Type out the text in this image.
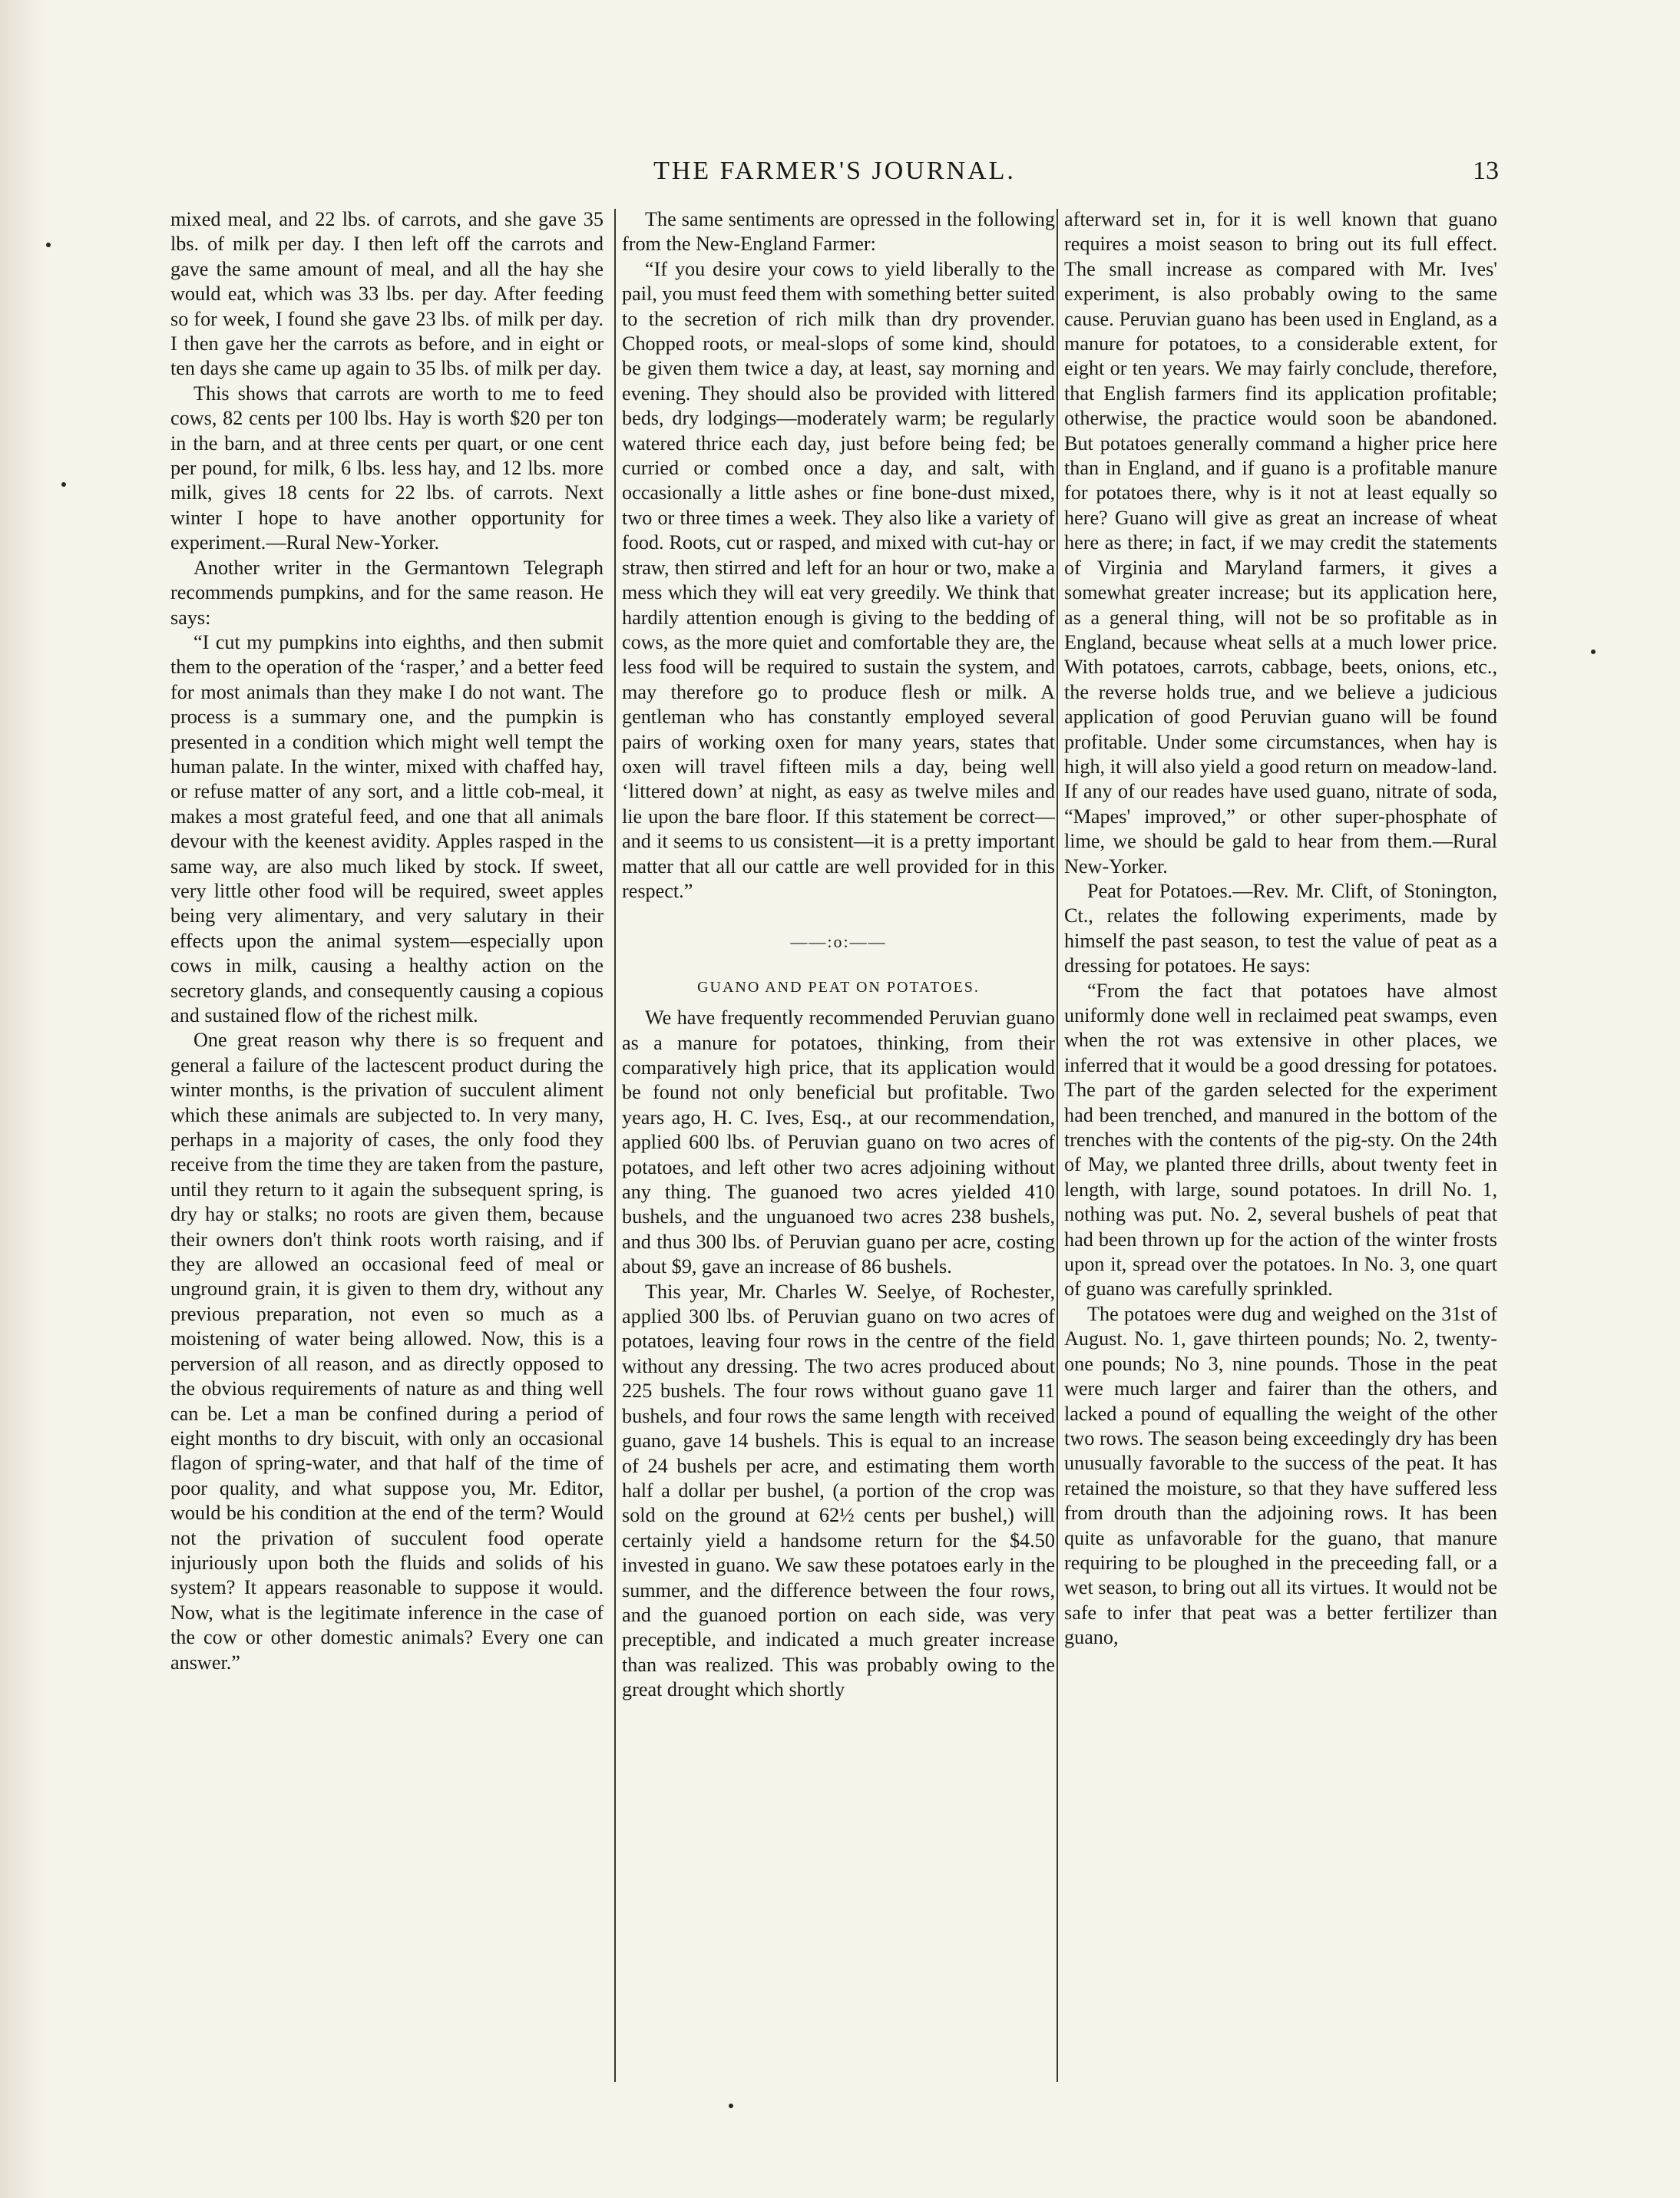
THE FARMER'S JOURNAL.	13

mixed meal, and 22 lbs. of carrots, and she gave 35 lbs. of milk per day. I then left off the carrots and gave the same amount of meal, and all the hay she would eat, which was 33 lbs. per day. After feeding so for week, I found she gave 23 lbs. of milk per day. I then gave her the carrots as before, and in eight or ten days she came up again to 35 lbs. of milk per day.

This shows that carrots are worth to me to feed cows, 82 cents per 100 lbs. Hay is worth $20 per ton in the barn, and at three cents per quart, or one cent per pound, for milk, 6 lbs. less hay, and 12 lbs. more milk, gives 18 cents for 22 lbs. of carrots. Next winter I hope to have another opportunity for experiment.—Rural New-Yorker.

Another writer in the Germantown Telegraph recommends pumpkins, and for the same reason. He says:

“I cut my pumpkins into eighths, and then submit them to the operation of the ‘rasper,’ and a better feed for most animals than they make I do not want. The process is a summary one, and the pumpkin is presented in a condition which might well tempt the human palate. In the winter, mixed with chaffed hay, or refuse matter of any sort, and a little cob-meal, it makes a most grateful feed, and one that all animals devour with the keenest avidity. Apples rasped in the same way, are also much liked by stock. If sweet, very little other food will be required, sweet apples being very alimentary, and very salutary in their effects upon the animal system—especially upon cows in milk, causing a healthy action on the secretory glands, and consequently causing a copious and sustained flow of the richest milk.

One great reason why there is so frequent and general a failure of the lactescent product during the winter months, is the privation of succulent aliment which these animals are subjected to. In very many, perhaps in a majority of cases, the only food they receive from the time they are taken from the pasture, until they return to it again the subsequent spring, is dry hay or stalks; no roots are given them, because their owners don't think roots worth raising, and if they are allowed an occasional feed of meal or unground grain, it is given to them dry, without any previous preparation, not even so much as a moistening of water being allowed. Now, this is a perversion of all reason, and as directly opposed to the obvious requirements of nature as and thing well can be. Let a man be confined during a period of eight months to dry biscuit, with only an occasional flagon of spring-water, and that half of the time of poor quality, and what suppose you, Mr. Editor, would be his condition at the end of the term? Would not the privation of succulent food operate injuriously upon both the fluids and solids of his system? It appears reasonable to suppose it would. Now, what is the legitimate inference in the case of the cow or other domestic animals? Every one can answer.”

The same sentiments are opressed in the following from the New-England Farmer:

“If you desire your cows to yield liberally to the pail, you must feed them with something better suited to the secretion of rich milk than dry provender. Chopped roots, or meal-slops of some kind, should be given them twice a day, at least, say morning and evening. They should also be provided with littered beds, dry lodgings—moderately warm; be regularly watered thrice each day, just before being fed; be curried or combed once a day, and salt, with occasionally a little ashes or fine bone-dust mixed, two or three times a week. They also like a variety of food. Roots, cut or rasped, and mixed with cut-hay or straw, then stirred and left for an hour or two, make a mess which they will eat very greedily. We think that hardily attention enough is giving to the bedding of cows, as the more quiet and comfortable they are, the less food will be required to sustain the system, and may therefore go to produce flesh or milk. A gentleman who has constantly employed several pairs of working oxen for many years, states that oxen will travel fifteen mils a day, being well ‘littered down’ at night, as easy as twelve miles and lie upon the bare floor. If this statement be correct—and it seems to us consistent—it is a pretty important matter that all our cattle are well provided for in this respect.”

——:o:——
GUANO AND PEAT ON POTATOES.

We have frequently recommended Peruvian guano as a manure for potatoes, thinking, from their comparatively high price, that its application would be found not only beneficial but profitable. Two years ago, H. C. Ives, Esq., at our recommendation, applied 600 lbs. of Peruvian guano on two acres of potatoes, and left other two acres adjoining without any thing. The guanoed two acres yielded 410 bushels, and the unguanoed two acres 238 bushels, and thus 300 lbs. of Peruvian guano per acre, costing about $9, gave an increase of 86 bushels.

This year, Mr. Charles W. Seelye, of Rochester, applied 300 lbs. of Peruvian guano on two acres of potatoes, leaving four rows in the centre of the field without any dressing. The two acres produced about 225 bushels. The four rows without guano gave 11 bushels, and four rows the same length with received guano, gave 14 bushels. This is equal to an increase of 24 bushels per acre, and estimating them worth half a dollar per bushel, (a portion of the crop was sold on the ground at 62½ cents per bushel,) will certainly yield a handsome return for the $4.50 invested in guano. We saw these potatoes early in the summer, and the difference between the four rows, and the guanoed portion on each side, was very preceptible, and indicated a much greater increase than was realized. This was probably owing to the great drought which shortly

afterward set in, for it is well known that guano requires a moist season to bring out its full effect. The small increase as compared with Mr. Ives' experiment, is also probably owing to the same cause. Peruvian guano has been used in England, as a manure for potatoes, to a considerable extent, for eight or ten years. We may fairly conclude, therefore, that English farmers find its application profitable; otherwise, the practice would soon be abandoned. But potatoes generally command a higher price here than in England, and if guano is a profitable manure for potatoes there, why is it not at least equally so here? Guano will give as great an increase of wheat here as there; in fact, if we may credit the statements of Virginia and Maryland farmers, it gives a somewhat greater increase; but its application here, as a general thing, will not be so profitable as in England, because wheat sells at a much lower price. With potatoes, carrots, cabbage, beets, onions, etc., the reverse holds true, and we believe a judicious application of good Peruvian guano will be found profitable. Under some circumstances, when hay is high, it will also yield a good return on meadow-land. If any of our reades have used guano, nitrate of soda, “Mapes' improved,” or other super-phosphate of lime, we should be gald to hear from them.—Rural New-Yorker.

Peat for Potatoes.—Rev. Mr. Clift, of Stonington, Ct., relates the following experiments, made by himself the past season, to test the value of peat as a dressing for potatoes. He says:

“From the fact that potatoes have almost uniformly done well in reclaimed peat swamps, even when the rot was extensive in other places, we inferred that it would be a good dressing for potatoes. The part of the garden selected for the experiment had been trenched, and manured in the bottom of the trenches with the contents of the pig-sty. On the 24th of May, we planted three drills, about twenty feet in length, with large, sound potatoes. In drill No. 1, nothing was put. No. 2, several bushels of peat that had been thrown up for the action of the winter frosts upon it, spread over the potatoes. In No. 3, one quart of guano was carefully sprinkled.

The potatoes were dug and weighed on the 31st of August. No. 1, gave thirteen pounds; No. 2, twenty-one pounds; No 3, nine pounds. Those in the peat were much larger and fairer than the others, and lacked a pound of equalling the weight of the other two rows. The season being exceedingly dry has been unusually favorable to the success of the peat. It has retained the moisture, so that they have suffered less from drouth than the adjoining rows. It has been quite as unfavorable for the guano, that manure requiring to be ploughed in the preceeding fall, or a wet season, to bring out all its virtues. It would not be safe to infer that peat was a better fertilizer than guano,
